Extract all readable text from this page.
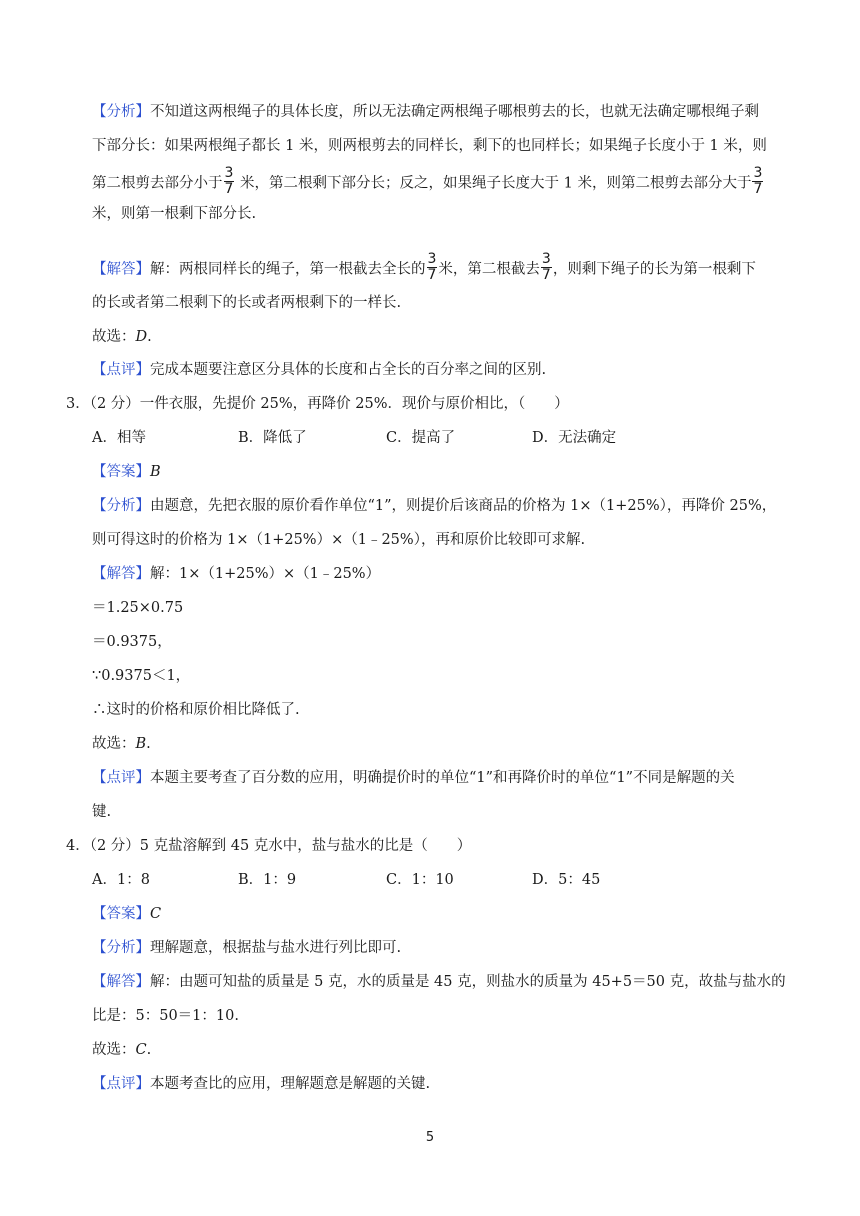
【分析】不知道这两根绳子的具体长度，所以无法确定两根绳子哪根剪去的长，也就无法确定哪根绳子剩
下部分长：如果两根绳子都长 1 米，则两根剪去的同样长，剩下的也同样长；如果绳子长度小于 1 米，则
第二根剪去部分小于 $\frac{3}{7}$ 米，第二根剩下部分长；反之，如果绳子长度大于 1 米，则第二根剪去部分大于 $\frac{3}{7}$
米，则第一根剩下部分长.
【解答】解：两根同样长的绳子，第一根截去全长的 $\frac{3}{7}$ 米，第二根截去 $\frac{3}{7}$ ，则剩下绳子的长为第一根剩下
的长或者第二根剩下的长或者两根剩下的一样长.
故选：D.
【点评】完成本题要注意区分具体的长度和占全长的百分率之间的区别.
3．（2 分）一件衣服，先提价 25%，再降价 25%．现价与原价相比，（　　）
A．相等	B．降低了	C．提高了	D．无法确定
【答案】B
【分析】由题意，先把衣服的原价看作单位“1”，则提价后该商品的价格为 1×（1+25%），再降价 25%，
则可得这时的价格为 1×（1+25%）×（1﹣25%），再和原价比较即可求解.
【解答】解：1×（1+25%）×（1﹣25%）
＝1.25×0.75
＝0.9375，
∵0.9375＜1，
∴这时的价格和原价相比降低了.
故选：B.
【点评】本题主要考查了百分数的应用，明确提价时的单位“1”和再降价时的单位“1”不同是解题的关
键.
4．（2 分）5 克盐溶解到 45 克水中，盐与盐水的比是（　　）
A．1：8	B．1：9	C．1：10	D．5：45
【答案】C
【分析】理解题意，根据盐与盐水进行列比即可.
【解答】解：由题可知盐的质量是 5 克，水的质量是 45 克，则盐水的质量为 45+5＝50 克，故盐与盐水的
比是：5：50＝1：10.
故选：C.
【点评】本题考查比的应用，理解题意是解题的关键.
5
